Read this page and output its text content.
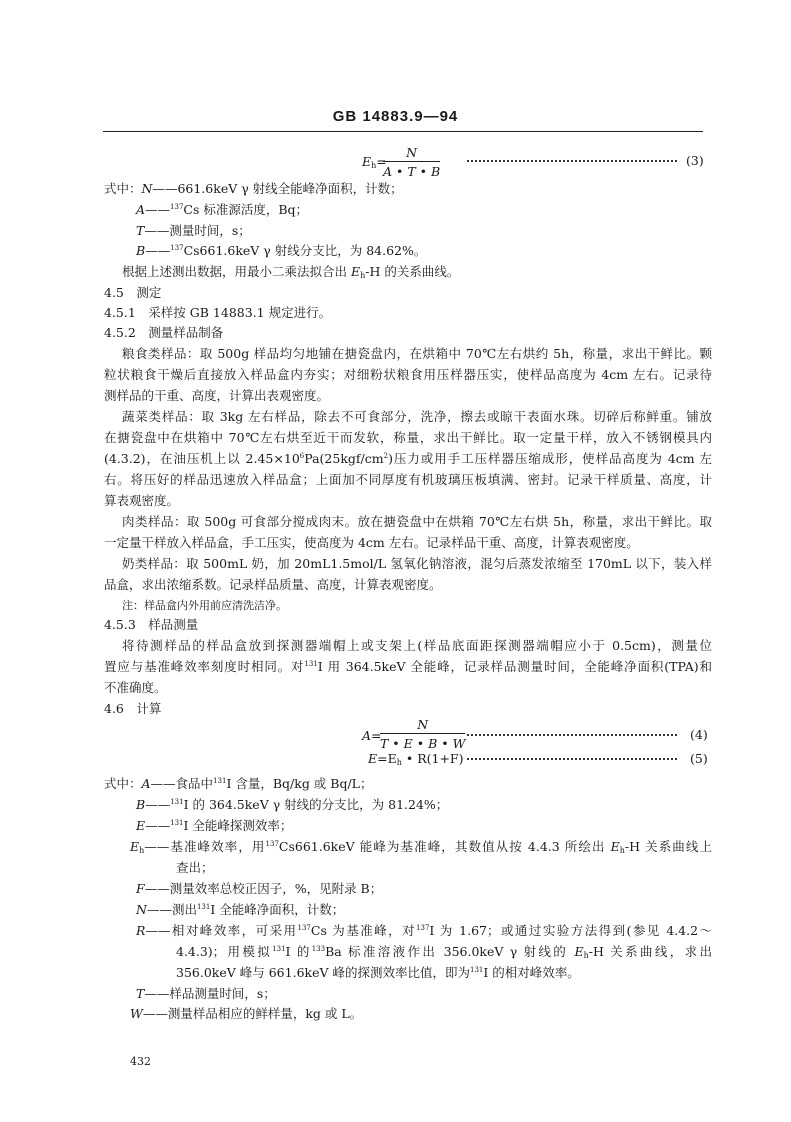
GB 14883.9—94
$E_h=$
$\frac{N}{A • T • B}$	(3)
式中：N——661.6keV γ 射线全能峰净面积，计数；
A——$^{137}$Cs 标准源活度，Bq；
T——测量时间，s；
B——$^{137}$Cs661.6keV γ 射线分支比，为 84.62%。
根据上述测出数据，用最小二乘法拟合出 $E_h-H$ 的关系曲线。
4.5　测定
4.5.1　采样按 GB 14883.1 规定进行。
4.5.2　测量样品制备
粮食类样品：取 500g 样品均匀地铺在搪瓷盘内，在烘箱中 70℃左右烘约 5h，称量，求出干鲜比。颗
粒状粮食干燥后直接放入样品盒内夯实；对细粉状粮食用压样器压实，使样品高度为 4cm 左右。记录待
测样品的干重、高度，计算出表观密度。
蔬菜类样品：取 3kg 左右样品，除去不可食部分，洗净，擦去或晾干表面水珠。切碎后称鲜重。铺放
在搪瓷盘中在烘箱中 70℃左右烘至近干而发软，称量，求出干鲜比。取一定量干样，放入不锈钢模具内
(4.3.2)，在油压机上以 $2.45\times 10^6Pa(25kgf/cm^2)$压力或用手工压样器压缩成形，使样品高度为 4cm 左
右。将压好的样品迅速放入样品盒；上面加不同厚度有机玻璃压板填满、密封。记录干样质量、高度，计
算表观密度。
肉类样品：取 500g 可食部分搅成肉末。放在搪瓷盘中在烘箱 70℃左右烘 5h，称量，求出干鲜比。取
一定量干样放入样品盒，手工压实，使高度为 4cm 左右。记录样品干重、高度，计算表观密度。
奶类样品：取 500mL 奶，加 20mL1.5mol/L 氢氧化钠溶液，混匀后蒸发浓缩至 170mL 以下，装入样
品盒，求出浓缩系数。记录样品质量、高度，计算表观密度。
注：样品盒内外用前应清洗洁净。
4.5.3　样品测量
将待测样品的样品盒放到探测器端帽上或支架上(样品底面距探测器端帽应小于 0.5cm)，测量位
置应与基准峰效率刻度时相同。对$^{131}$I 用 364.5keV 全能峰，记录样品测量时间，全能峰净面积(TPA)和
不准确度。
4.6　计算
A=
$\frac{N}{T • E • B • W}$	(4)
$E=E_h$ • R(1+F)	(5)
式中：A——食品中$^{131}$I 含量，Bq/kg 或 Bq/L；
B——$^{131}$I 的 364.5keV γ 射线的分支比，为 81.24%；
E——$^{131}$I 全能峰探测效率；
$E_h——$基准峰效率，用$^{137}$Cs661.6keV 能峰为基准峰，其数值从按 4.4.3 所绘出 $E_h-H$ 关系曲线上
查出；
F——测量效率总校正因子，%，见附录 B；
N——测出$^{131}$I 全能峰净面积，计数；
R——相对峰效率，可采用$^{137}$Cs 为基准峰，对$^{137}$I 为 1.67；或通过实验方法得到(参见 4.4.2～
4.4.3)；用模拟$^{131}$I 的$^{133}$Ba 标准溶液作出 356.0keV γ 射线的 $E_h-H$ 关系曲线，求出
356.0keV 峰与 661.6keV 峰的探测效率比值，即为$^{131}$I 的相对峰效率。
T——样品测量时间，s；
W——测量样品相应的鲜样量，kg 或 L。
432
